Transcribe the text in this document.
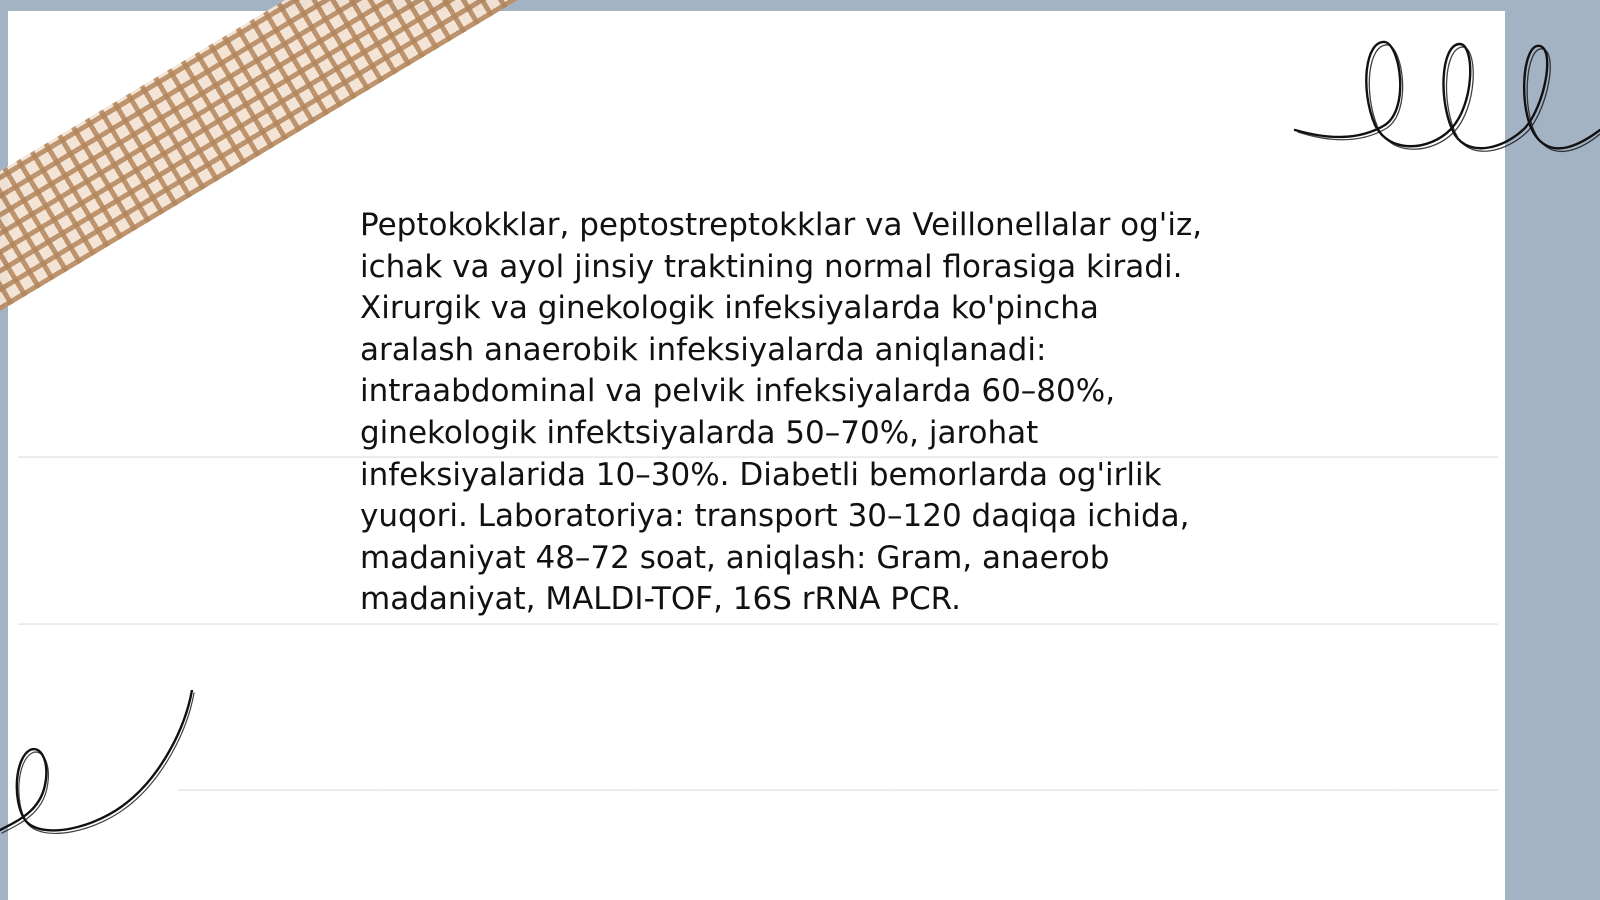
Peptokokklar, peptostreptokklar va Veillonellalar og'iz,
ichak va ayol jinsiy traktining normal florasiga kiradi.
Xirurgik va ginekologik infeksiyalarda ko'pincha
aralash anaerobik infeksiyalarda aniqlanadi:
intraabdominal va pelvik infeksiyalarda 60–80%,
ginekologik infektsiyalarda 50–70%, jarohat
infeksiyalarida 10–30%. Diabetli bemorlarda og'irlik
yuqori. Laboratoriya: transport 30–120 daqiqa ichida,
madaniyat 48–72 soat, aniqlash: Gram, anaerob
madaniyat, MALDI-TOF, 16S rRNA PCR.
